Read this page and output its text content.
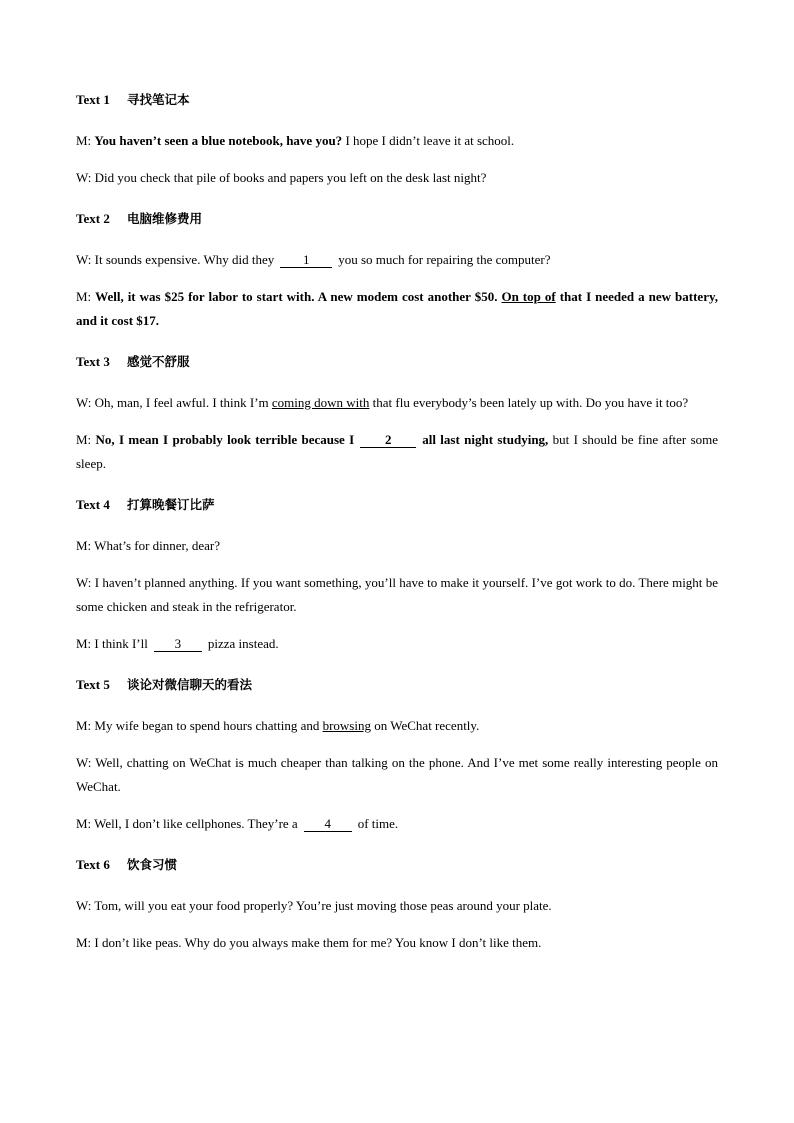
Text 1 寻找笔记本

M: You haven’t seen a blue notebook, have you? I hope I didn’t leave it at school.

W: Did you check that pile of books and papers you left on the desk last night?

Text 2 电脑维修费用

W: It sounds expensive. Why did they 1 you so much for repairing the computer?

M: Well, it was $25 for labor to start with. A new modem cost another $50. On top of that I needed a new battery, and it cost $17.

Text 3 感觉不舒服

W: Oh, man, I feel awful. I think I’m coming down with that flu everybody’s been lately up with. Do you have it too?

M: No, I mean I probably look terrible because I 2 all last night studying, but I should be fine after some sleep.

Text 4 打算晚餐订比萨

M: What’s for dinner, dear?

W: I haven’t planned anything. If you want something, you’ll have to make it yourself. I’ve got work to do. There might be some chicken and steak in the refrigerator.

M: I think I’ll 3 pizza instead.

Text 5 谈论对微信聊天的看法

M: My wife began to spend hours chatting and browsing on WeChat recently.

W: Well, chatting on WeChat is much cheaper than talking on the phone. And I’ve met some really interesting people on WeChat.

M: Well, I don’t like cellphones. They’re a 4 of time.

Text 6 饮食习惯

W: Tom, will you eat your food properly? You’re just moving those peas around your plate.

M: I don’t like peas. Why do you always make them for me? You know I don’t like them.
